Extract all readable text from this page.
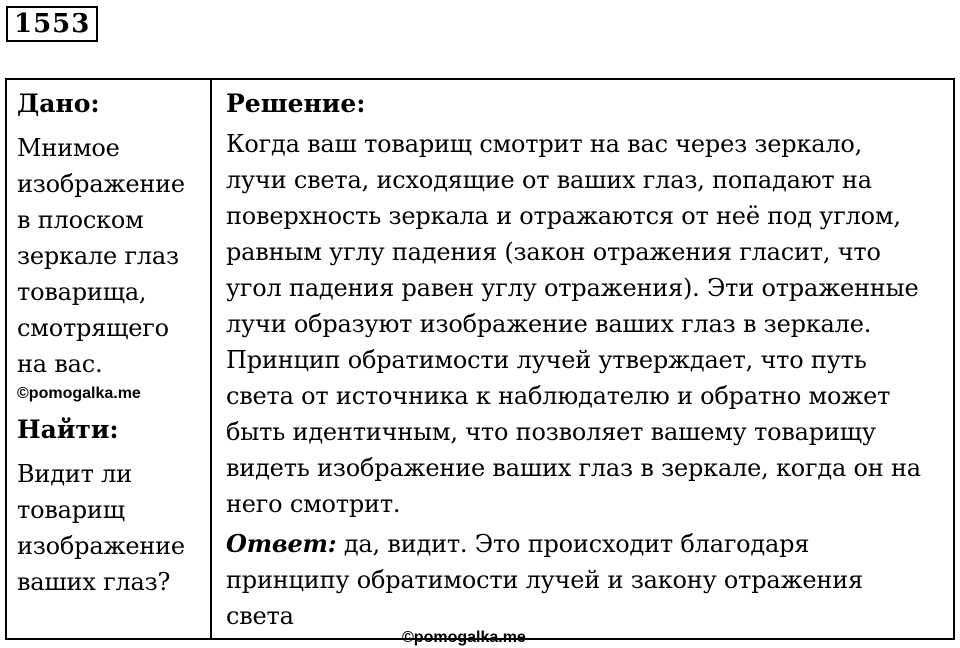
1553
Дано:
Мнимое
изображение
в плоском
зеркале глаз
товарища,
смотрящего
на вас.
©pomogalka.me
Найти:
Видит ли
товарищ
изображение
ваших глаз?
Решение:
Когда ваш товарищ смотрит на вас через зеркало,
лучи света, исходящие от ваших глаз, попадают на
поверхность зеркала и отражаются от неё под углом,
равным углу падения (закон отражения гласит, что
угол падения равен углу отражения). Эти отраженные
лучи образуют изображение ваших глаз в зеркале.
Принцип обратимости лучей утверждает, что путь
света от источника к наблюдателю и обратно может
быть идентичным, что позволяет вашему товарищу
видеть изображение ваших глаз в зеркале, когда он на
него смотрит.
Ответ: да, видит. Это происходит благодаря
принципу обратимости лучей и закону отражения
света
©pomogalka.me
